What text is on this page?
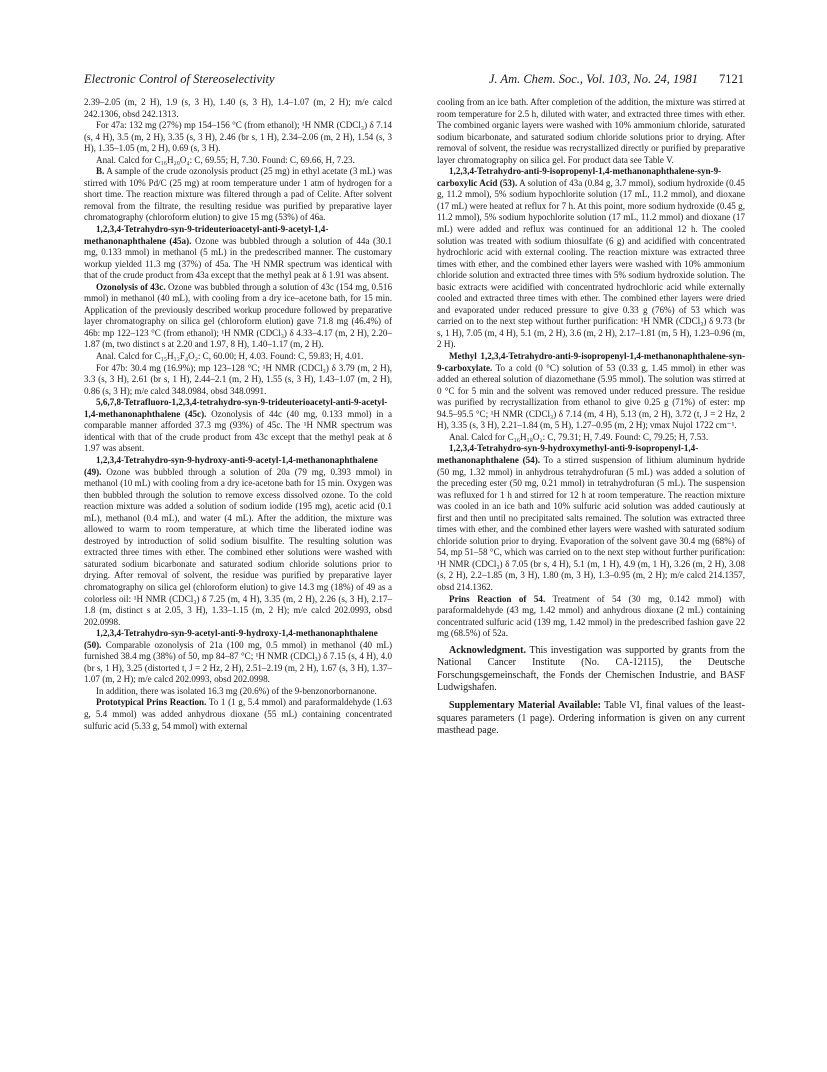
Electronic Control of Stereoselectivity	J. Am. Chem. Soc., Vol. 103, No. 24, 1981 7121

2.39–2.05 (m, 2 H), 1.9 (s, 3 H), 1.40 (s, 3 H), 1.4–1.07 (m, 2 H); m/e calcd 242.1306, obsd 242.1313.

For 47a: 132 mg (27%) mp 154–156 °C (from ethanol); ¹H NMR (CDCl₃) δ 7.14 (s, 4 H), 3.5 (m, 2 H), 3.35 (s, 3 H), 2.46 (br s, 1 H), 2.34–2.06 (m, 2 H), 1.54 (s, 3 H), 1.35–1.05 (m, 2 H), 0.69 (s, 3 H).

Anal. Calcd for C₁₆H₂₀O₄: C, 69.55; H, 7.30. Found: C, 69.66, H, 7.23.

B. A sample of the crude ozonolysis product (25 mg) in ethyl acetate (3 mL) was stirred with 10% Pd/C (25 mg) at room temperature under 1 atm of hydrogen for a short time. The reaction mixture was filtered through a pad of Celite. After solvent removal from the filtrate, the resulting residue was purified by preparative layer chromatography (chloroform elution) to give 15 mg (53%) of 46a.

1,2,3,4-Tetrahydro-syn-9-trideuterioacetyl-anti-9-acetyl-1,4-methanonaphthalene (45a). Ozone was bubbled through a solution of 44a (30.1 mg, 0.133 mmol) in methanol (5 mL) in the predescribed manner. The customary workup yielded 11.3 mg (37%) of 45a. The ¹H NMR spectrum was identical with that of the crude product from 43a except that the methyl peak at δ 1.91 was absent.

Ozonolysis of 43c. Ozone was bubbled through a solution of 43c (154 mg, 0.516 mmol) in methanol (40 mL), with cooling from a dry ice–acetone bath, for 15 min. Application of the previously described workup procedure followed by preparative layer chromatography on silica gel (chloroform elution) gave 71.8 mg (46.4%) of 46b: mp 122–123 °C (from ethanol); ¹H NMR (CDCl₃) δ 4.33–4.17 (m, 2 H), 2.20–1.87 (m, two distinct s at 2.20 and 1.97, 8 H), 1.40–1.17 (m, 2 H).

Anal. Calcd for C₁₅H₁₂F₄O₂: C, 60.00; H, 4.03. Found: C, 59.83; H, 4.01.

For 47b: 30.4 mg (16.9%); mp 123–128 °C; ¹H NMR (CDCl₃) δ 3.79 (m, 2 H), 3.3 (s, 3 H), 2.61 (br s, 1 H), 2.44–2.1 (m, 2 H), 1.55 (s, 3 H), 1.43–1.07 (m, 2 H), 0.86 (s, 3 H); m/e calcd 348.0984, obsd 348.0991.

5,6,7,8-Tetrafluoro-1,2,3,4-tetrahydro-syn-9-trideuterioacetyl-anti-9-acetyl-1,4-methanonaphthalene (45c). Ozonolysis of 44c (40 mg, 0.133 mmol) in a comparable manner afforded 37.3 mg (93%) of 45c. The ¹H NMR spectrum was identical with that of the crude product from 43c except that the methyl peak at δ 1.97 was absent.

1,2,3,4-Tetrahydro-syn-9-hydroxy-anti-9-acetyl-1,4-methanonaphthalene (49). Ozone was bubbled through a solution of 20a (79 mg, 0.393 mmol) in methanol (10 mL) with cooling from a dry ice-acetone bath for 15 min. Oxygen was then bubbled through the solution to remove excess dissolved ozone. To the cold reaction mixture was added a solution of sodium iodide (195 mg), acetic acid (0.1 mL), methanol (0.4 mL), and water (4 mL). After the addition, the mixture was allowed to warm to room temperature, at which time the liberated iodine was destroyed by introduction of solid sodium bisulfite. The resulting solution was extracted three times with ether. The combined ether solutions were washed with saturated sodium bicarbonate and saturated sodium chloride solutions prior to drying. After removal of solvent, the residue was purified by preparative layer chromatography on silica gel (chloroform elution) to give 14.3 mg (18%) of 49 as a colorless oil: ¹H NMR (CDCl₃) δ 7.25 (m, 4 H), 3.35 (m, 2 H), 2.26 (s, 3 H), 2.17–1.8 (m, distinct s at 2.05, 3 H), 1.33–1.15 (m, 2 H); m/e calcd 202.0993, obsd 202.0998.

1,2,3,4-Tetrahydro-syn-9-acetyl-anti-9-hydroxy-1,4-methanonaphthalene (50). Comparable ozonolysis of 21a (100 mg, 0.5 mmol) in methanol (40 mL) furnished 38.4 mg (38%) of 50, mp 84–87 °C; ¹H NMR (CDCl₃) δ 7.15 (s, 4 H), 4.0 (br s, 1 H), 3.25 (distorted t, J = 2 Hz, 2 H), 2.51–2.19 (m, 2 H), 1.67 (s, 3 H), 1.37–1.07 (m, 2 H); m/e calcd 202.0993, obsd 202.0998.

In addition, there was isolated 16.3 mg (20.6%) of the 9-benzonorbornanone.

Prototypical Prins Reaction. To 1 (1 g, 5.4 mmol) and paraformaldehyde (1.63 g, 5.4 mmol) was added anhydrous dioxane (55 mL) containing concentrated sulfuric acid (5.33 g, 54 mmol) with external

cooling from an ice bath. After completion of the addition, the mixture was stirred at room temperature for 2.5 h, diluted with water, and extracted three times with ether. The combined organic layers were washed with 10% ammonium chloride, saturated sodium bicarbonate, and saturated sodium chloride solutions prior to drying. After removal of solvent, the residue was recrystallized directly or purified by preparative layer chromatography on silica gel. For product data see Table V.

1,2,3,4-Tetrahydro-anti-9-isopropenyl-1,4-methanonaphthalene-syn-9-carboxylic Acid (53). A solution of 43a (0.84 g, 3.7 mmol), sodium hydroxide (0.45 g, 11.2 mmol), 5% sodium hypochlorite solution (17 mL, 11.2 mmol), and dioxane (17 mL) were heated at reflux for 7 h. At this point, more sodium hydroxide (0.45 g, 11.2 mmol), 5% sodium hypochlorite solution (17 mL, 11.2 mmol) and dioxane (17 mL) were added and reflux was continued for an additional 12 h. The cooled solution was treated with sodium thiosulfate (6 g) and acidified with concentrated hydrochloric acid with external cooling. The reaction mixture was extracted three times with ether, and the combined ether layers were washed with 10% ammonium chloride solution and extracted three times with 5% sodium hydroxide solution. The basic extracts were acidified with concentrated hydrochloric acid while externally cooled and extracted three times with ether. The combined ether layers were dried and evaporated under reduced pressure to give 0.33 g (76%) of 53 which was carried on to the next step without further purification: ¹H NMR (CDCl₃) δ 9.73 (br s, 1 H), 7.05 (m, 4 H), 5.1 (m, 2 H), 3.6 (m, 2 H), 2.17–1.81 (m, 5 H), 1.23–0.96 (m, 2 H).

Methyl 1,2,3,4-Tetrahydro-anti-9-isopropenyl-1,4-methanonaphthalene-syn-9-carboxylate. To a cold (0 °C) solution of 53 (0.33 g, 1.45 mmol) in ether was added an ethereal solution of diazomethane (5.95 mmol). The solution was stirred at 0 °C for 5 min and the solvent was removed under reduced pressure. The residue was purified by recrystallization from ethanol to give 0.25 g (71%) of ester: mp 94.5–95.5 °C; ¹H NMR (CDCl₃) δ 7.14 (m, 4 H), 5.13 (m, 2 H), 3.72 (t, J = 2 Hz, 2 H), 3.35 (s, 3 H), 2.21–1.84 (m, 5 H), 1.27–0.95 (m, 2 H); νmax Nujol 1722 cm⁻¹.

Anal. Calcd for C₁₆H₁₈O₂: C, 79.31; H, 7.49. Found: C, 79.25; H, 7.53.

1,2,3,4-Tetrahydro-syn-9-hydroxymethyl-anti-9-isopropenyl-1,4-methanonaphthalene (54). To a stirred suspension of lithium aluminum hydride (50 mg, 1.32 mmol) in anhydrous tetrahydrofuran (5 mL) was added a solution of the preceding ester (50 mg, 0.21 mmol) in tetrahydrofuran (5 mL). The suspension was refluxed for 1 h and stirred for 12 h at room temperature. The reaction mixture was cooled in an ice bath and 10% sulfuric acid solution was added cautiously at first and then until no precipitated salts remained. The solution was extracted three times with ether, and the combined ether layers were washed with saturated sodium chloride solution prior to drying. Evaporation of the solvent gave 30.4 mg (68%) of 54, mp 51–58 °C, which was carried on to the next step without further purification: ¹H NMR (CDCl₃) δ 7.05 (br s, 4 H), 5.1 (m, 1 H), 4.9 (m, 1 H), 3.26 (m, 2 H), 3.08 (s, 2 H), 2.2–1.85 (m, 3 H), 1.80 (m, 3 H), 1.3–0.95 (m, 2 H); m/e calcd 214.1357, obsd 214.1362.

Prins Reaction of 54. Treatment of 54 (30 mg, 0.142 mmol) with paraformaldehyde (43 mg, 1.42 mmol) and anhydrous dioxane (2 mL) containing concentrated sulfuric acid (139 mg, 1.42 mmol) in the predescribed fashion gave 22 mg (68.5%) of 52a.

Acknowledgment. This investigation was supported by grants from the National Cancer Institute (No. CA-12115), the Deutsche Forschungsgemeinschaft, the Fonds der Chemischen Industrie, and BASF Ludwigshafen.

Supplementary Material Available: Table VI, final values of the least-squares parameters (1 page). Ordering information is given on any current masthead page.
